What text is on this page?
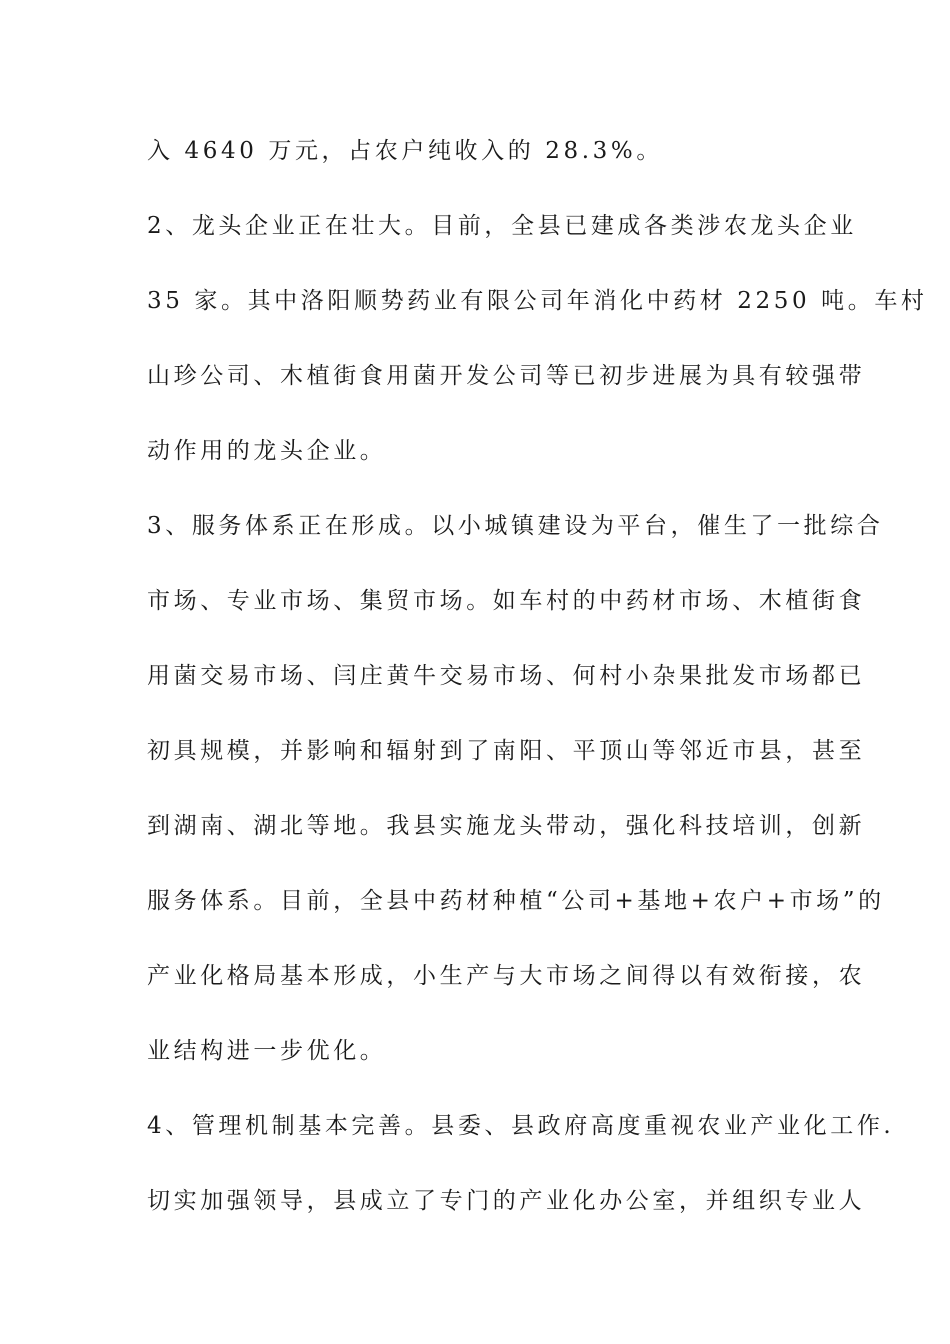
入 4640 万元，占农户纯收入的 28.3%。
2、龙头企业正在壮大。目前，全县已建成各类涉农龙头企业
35 家。其中洛阳顺势药业有限公司年消化中药材 2250 吨。车村
山珍公司、木植街食用菌开发公司等已初步进展为具有较强带
动作用的龙头企业。
3、服务体系正在形成。以小城镇建设为平台，催生了一批综合
市场、专业市场、集贸市场。如车村的中药材市场、木植街食
用菌交易市场、闫庄黄牛交易市场、何村小杂果批发市场都已
初具规模，并影响和辐射到了南阳、平顶山等邻近市县，甚至
到湖南、湖北等地。我县实施龙头带动，强化科技培训，创新
服务体系。目前，全县中药材种植“公司+基地+农户+市场”的
产业化格局基本形成，小生产与大市场之间得以有效衔接，农
业结构进一步优化。
4、管理机制基本完善。县委、县政府高度重视农业产业化工作.
切实加强领导，县成立了专门的产业化办公室，并组织专业人
